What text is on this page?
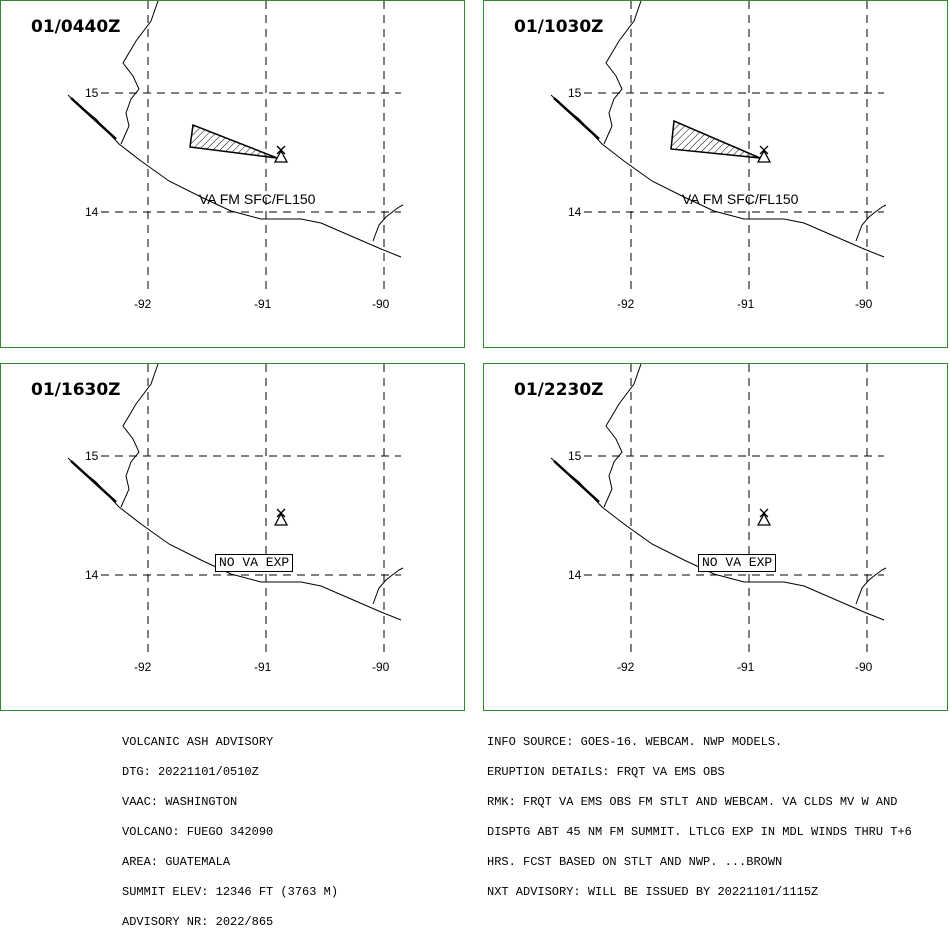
01/0440Z
15
14
-92	-91	-90
VA FM SFC/FL150
01/1030Z
15
14
-92	-91	-90
VA FM SFC/FL150
01/1630Z
15
14
-92	-91	-90
NO VA EXP
01/2230Z
15
14
-92	-91	-90
NO VA EXP

VOLCANIC ASH ADVISORY

DTG: 20221101/0510Z

VAAC: WASHINGTON

VOLCANO: FUEGO 342090

AREA: GUATEMALA

SUMMIT ELEV: 12346 FT (3763 M)

ADVISORY NR: 2022/865

INFO SOURCE: GOES-16. WEBCAM. NWP MODELS.

ERUPTION DETAILS: FRQT VA EMS OBS

RMK: FRQT VA EMS OBS FM STLT AND WEBCAM. VA CLDS MV W AND

DISPTG ABT 45 NM FM SUMMIT. LTLCG EXP IN MDL WINDS THRU T+6

HRS. FCST BASED ON STLT AND NWP. ...BROWN

NXT ADVISORY: WILL BE ISSUED BY 20221101/1115Z
